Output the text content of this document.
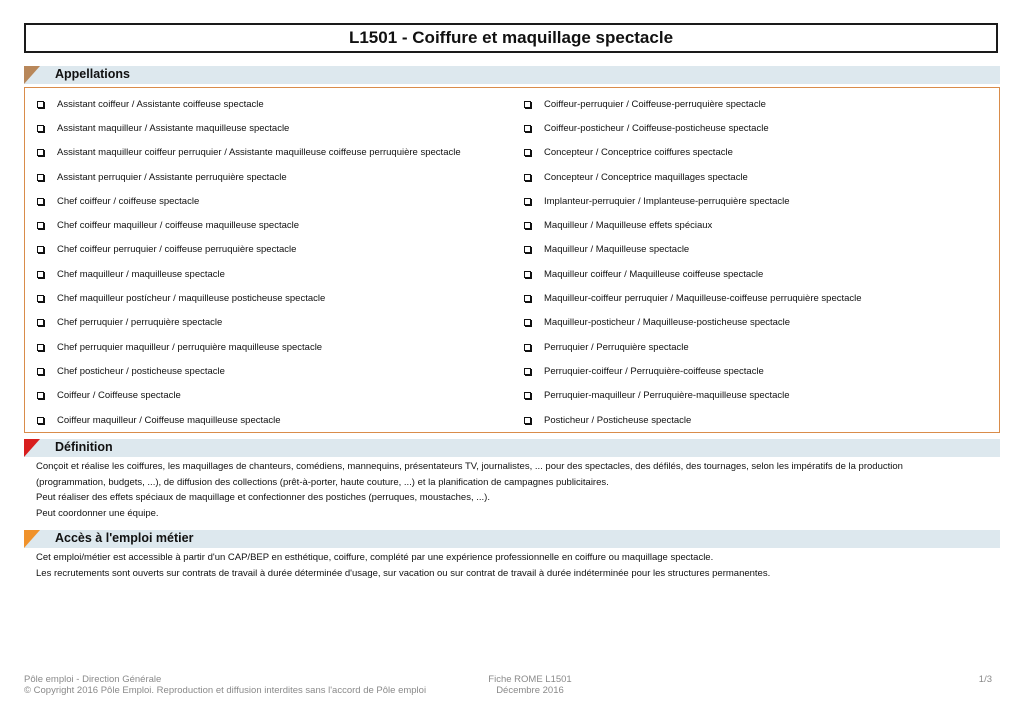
L1501 - Coiffure et maquillage spectacle
Appellations
Assistant coiffeur / Assistante coiffeuse spectacle
Assistant maquilleur / Assistante maquilleuse spectacle
Assistant maquilleur coiffeur perruquier / Assistante maquilleuse coiffeuse perruquière spectacle
Assistant perruquier / Assistante perruquière spectacle
Chef coiffeur / coiffeuse spectacle
Chef coiffeur maquilleur / coiffeuse maquilleuse spectacle
Chef coiffeur perruquier / coiffeuse perruquière spectacle
Chef maquilleur / maquilleuse spectacle
Chef maquilleur postícheur / maquilleuse posticheuse spectacle
Chef perruquier / perruquière spectacle
Chef perruquier maquilleur / perruquière maquilleuse spectacle
Chef posticheur / posticheuse spectacle
Coiffeur / Coiffeuse spectacle
Coiffeur maquilleur / Coiffeuse maquilleuse spectacle
Coiffeur-perruquier / Coiffeuse-perruquière spectacle
Coiffeur-posticheur / Coiffeuse-posticheuse spectacle
Concepteur / Conceptrice coiffures spectacle
Concepteur / Conceptrice maquillages spectacle
Implanteur-perruquier / Implanteuse-perruquière spectacle
Maquilleur / Maquilleuse effets spéciaux
Maquilleur / Maquilleuse spectacle
Maquilleur coiffeur / Maquilleuse coiffeuse spectacle
Maquilleur-coiffeur perruquier / Maquilleuse-coiffeuse perruquière spectacle
Maquilleur-posticheur / Maquilleuse-posticheuse spectacle
Perruquier / Perruquière spectacle
Perruquier-coiffeur / Perruquière-coiffeuse spectacle
Perruquier-maquilleur / Perruquière-maquilleuse spectacle
Posticheur / Posticheuse spectacle
Définition
Conçoit et réalise les coiffures, les maquillages de chanteurs, comédiens, mannequins, présentateurs TV, journalistes, ... pour des spectacles, des défilés, des tournages, selon les impératifs de la production
(programmation, budgets, ...), de diffusion des collections (prêt-à-porter, haute couture, ...) et la planification de campagnes publicitaires.
Peut réaliser des effets spéciaux de maquillage et confectionner des postiches (perruques, moustaches, ...).
Peut coordonner une équipe.
Accès à l'emploi métier
Cet emploi/métier est accessible à partir d'un CAP/BEP en esthétique, coiffure, complété par une expérience professionnelle en coiffure ou maquillage spectacle.
Les recrutements sont ouverts sur contrats de travail à durée déterminée d'usage, sur vacation ou sur contrat de travail à durée indéterminée pour les structures permanentes.
Pôle emploi - Direction Générale
© Copyright 2016 Pôle Emploi. Reproduction et diffusion interdites sans l'accord de Pôle emploi
Fiche ROME L1501
Décembre 2016
1/3
